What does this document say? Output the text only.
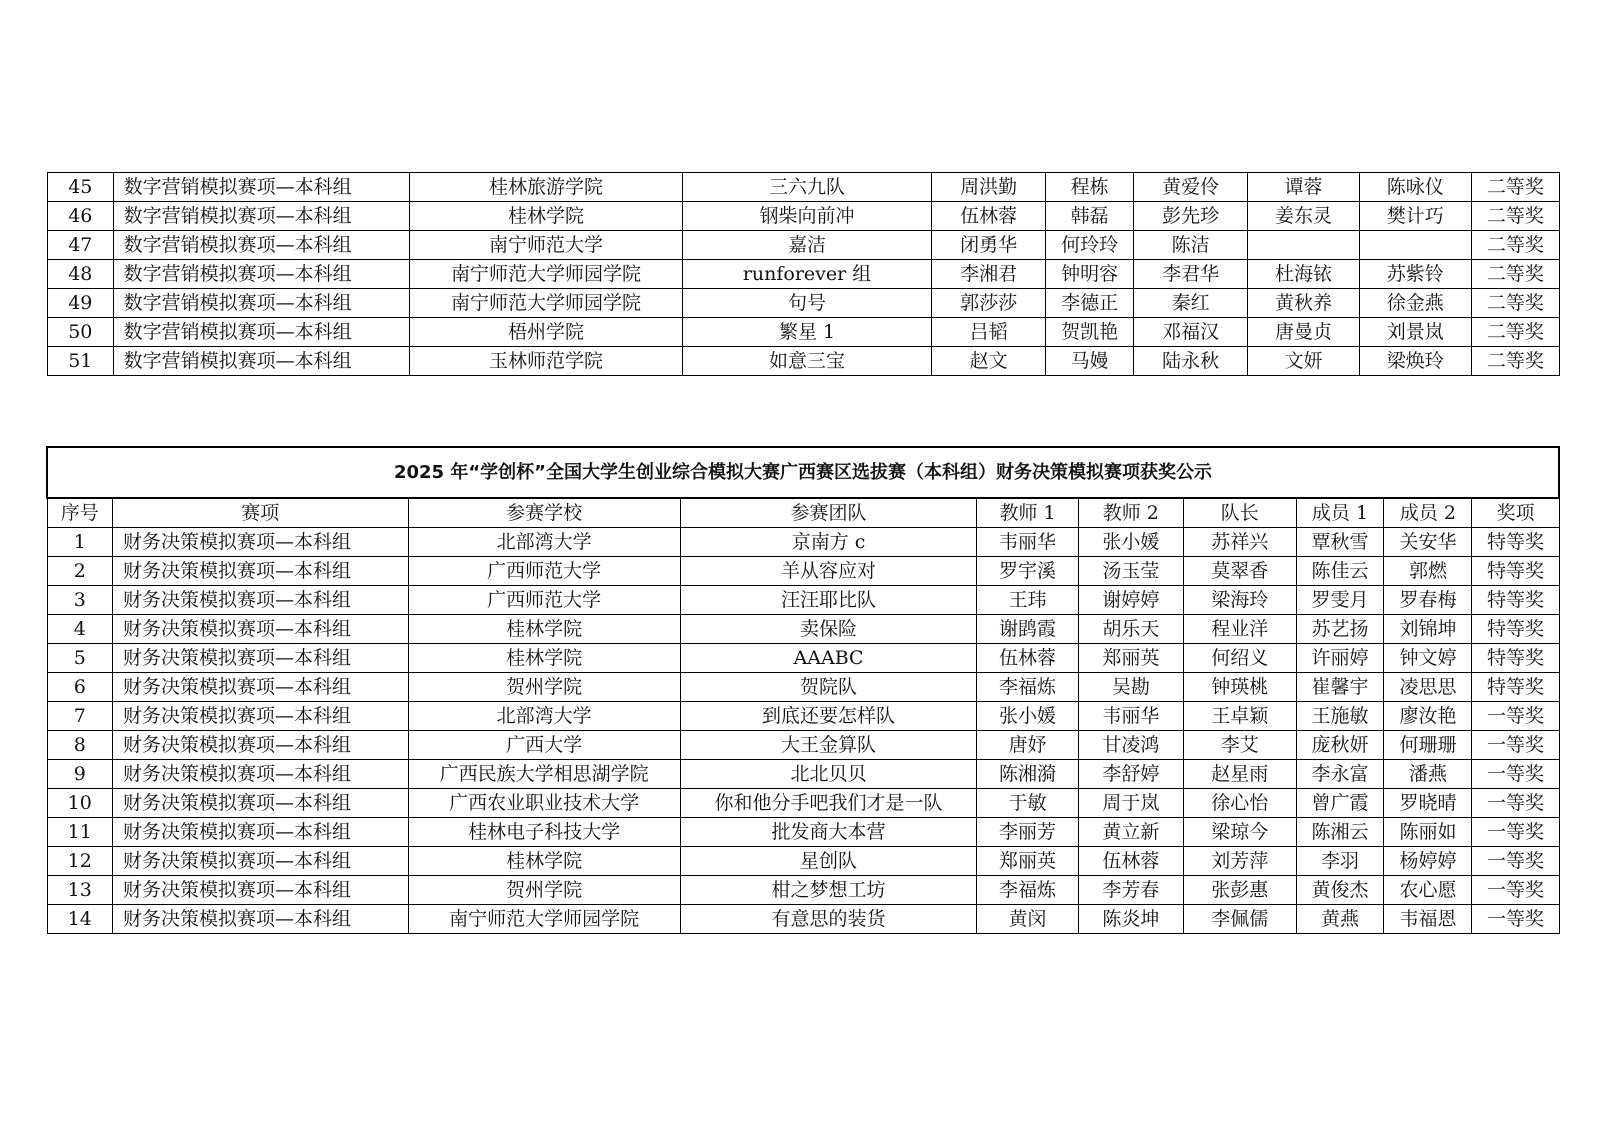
45	数字营销模拟赛项—本科组	桂林旅游学院	三六九队	周洪勤	程栋	黄爱伶	谭蓉	陈咏仪	二等奖
46	数字营销模拟赛项—本科组	桂林学院	钢柴向前冲	伍林蓉	韩磊	彭先珍	姜东灵	樊计巧	二等奖
47	数字营销模拟赛项—本科组	南宁师范大学	嘉洁	闭勇华	何玲玲	陈洁			二等奖
48	数字营销模拟赛项—本科组	南宁师范大学师园学院	runforever 组	李湘君	钟明容	李君华	杜海铱	苏紫铃	二等奖
49	数字营销模拟赛项—本科组	南宁师范大学师园学院	句号	郭莎莎	李德正	秦红	黄秋养	徐金燕	二等奖
50	数字营销模拟赛项—本科组	梧州学院	繁星 1	吕韬	贺凯艳	邓福汉	唐曼贞	刘景岚	二等奖
51	数字营销模拟赛项—本科组	玉林师范学院	如意三宝	赵文	马嫚	陆永秋	文妍	梁焕玲	二等奖
2025 年“学创杯”全国大学生创业综合模拟大赛广西赛区选拔赛（本科组）财务决策模拟赛项获奖公示									
序号	赛项	参赛学校	参赛团队	教师 1	教师 2	队长	成员 1	成员 2	奖项
1	财务决策模拟赛项—本科组	北部湾大学	京南方 c	韦丽华	张小媛	苏祥兴	覃秋雪	关安华	特等奖
2	财务决策模拟赛项—本科组	广西师范大学	羊从容应对	罗宇溪	汤玉莹	莫翠香	陈佳云	郭燃	特等奖
3	财务决策模拟赛项—本科组	广西师范大学	汪汪耶比队	王玮	谢婷婷	梁海玲	罗雯月	罗春梅	特等奖
4	财务决策模拟赛项—本科组	桂林学院	卖保险	谢鹍霞	胡乐天	程业洋	苏艺扬	刘锦坤	特等奖
5	财务决策模拟赛项—本科组	桂林学院	AAABC	伍林蓉	郑丽英	何绍义	许丽婷	钟文婷	特等奖
6	财务决策模拟赛项—本科组	贺州学院	贺院队	李福炼	吴勘	钟瑛桃	崔馨宇	凌思思	特等奖
7	财务决策模拟赛项—本科组	北部湾大学	到底还要怎样队	张小媛	韦丽华	王卓颖	王施敏	廖汝艳	一等奖
8	财务决策模拟赛项—本科组	广西大学	大王金算队	唐妤	甘凌鸿	李艾	庞秋妍	何珊珊	一等奖
9	财务决策模拟赛项—本科组	广西民族大学相思湖学院	北北贝贝	陈湘漪	李舒婷	赵星雨	李永富	潘燕	一等奖
10	财务决策模拟赛项—本科组	广西农业职业技术大学	你和他分手吧我们才是一队	于敏	周于岚	徐心怡	曾广霞	罗晓晴	一等奖
11	财务决策模拟赛项—本科组	桂林电子科技大学	批发商大本营	李丽芳	黄立新	梁琼今	陈湘云	陈丽如	一等奖
12	财务决策模拟赛项—本科组	桂林学院	星创队	郑丽英	伍林蓉	刘芳萍	李羽	杨婷婷	一等奖
13	财务决策模拟赛项—本科组	贺州学院	柑之梦想工坊	李福炼	李芳春	张彭惠	黄俊杰	农心愿	一等奖
14	财务决策模拟赛项—本科组	南宁师范大学师园学院	有意思的装货	黄闵	陈炎坤	李佩儒	黄燕	韦福恩	一等奖
